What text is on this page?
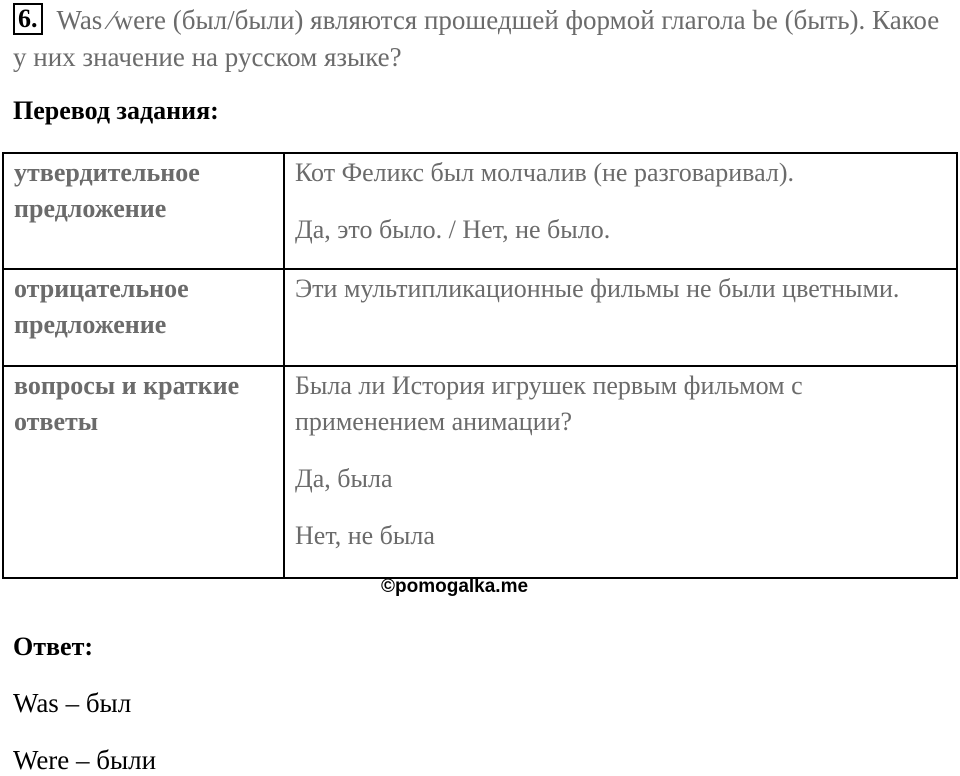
6. Was ⁄were (был/были) являются прошедшей формой глагола be (быть). Какое у них значение на русском языке?
Перевод задания:
утвердительное предложение	Кот Феликс был молчалив (не разговаривал).

Да, это было. / Нет, не было.

отрицательное предложение	Эти мультипликационные фильмы не были цветными.

вопросы и краткие ответы	Была ли История игрушек первым фильмом с применением анимации?

Да, была

Нет, не была

©pomogalka.me
Ответ:
Was – был
Were – были
